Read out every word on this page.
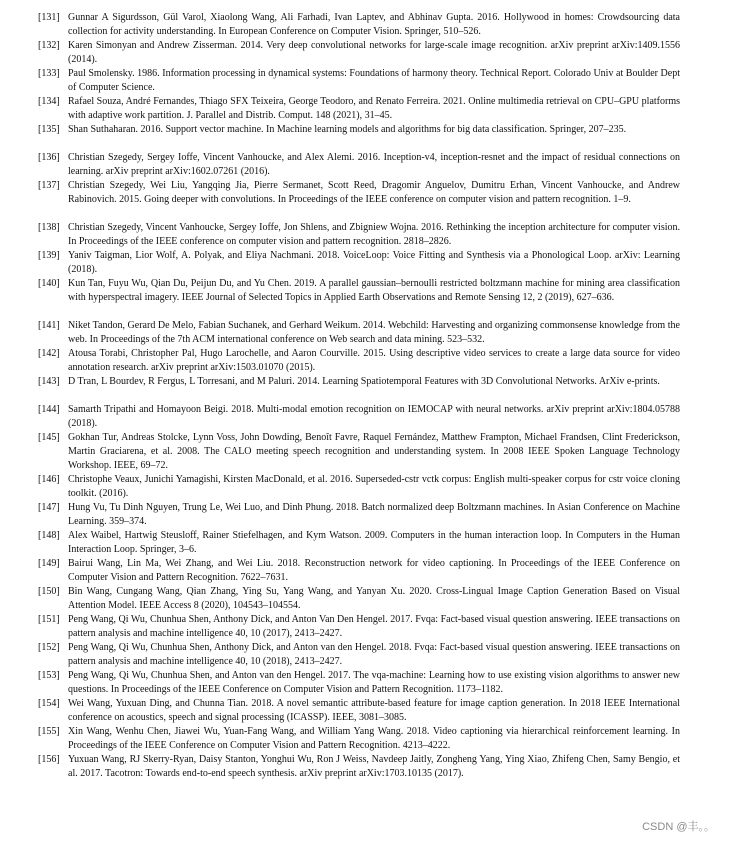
[131] Gunnar A Sigurdsson, Gül Varol, Xiaolong Wang, Ali Farhadi, Ivan Laptev, and Abhinav Gupta. 2016. Hollywood in homes: Crowdsourcing data collection for activity understanding. In European Conference on Computer Vision. Springer, 510–526.
[132] Karen Simonyan and Andrew Zisserman. 2014. Very deep convolutional networks for large-scale image recognition. arXiv preprint arXiv:1409.1556 (2014).
[133] Paul Smolensky. 1986. Information processing in dynamical systems: Foundations of harmony theory. Technical Report. Colorado Univ at Boulder Dept of Computer Science.
[134] Rafael Souza, André Fernandes, Thiago SFX Teixeira, George Teodoro, and Renato Ferreira. 2021. Online multimedia retrieval on CPU–GPU platforms with adaptive work partition. J. Parallel and Distrib. Comput. 148 (2021), 31–45.
[135] Shan Suthaharan. 2016. Support vector machine. In Machine learning models and algorithms for big data classification. Springer, 207–235.
[136] Christian Szegedy, Sergey Ioffe, Vincent Vanhoucke, and Alex Alemi. 2016. Inception-v4, inception-resnet and the impact of residual connections on learning. arXiv preprint arXiv:1602.07261 (2016).
[137] Christian Szegedy, Wei Liu, Yangqing Jia, Pierre Sermanet, Scott Reed, Dragomir Anguelov, Dumitru Erhan, Vincent Vanhoucke, and Andrew Rabinovich. 2015. Going deeper with convolutions. In Proceedings of the IEEE conference on computer vision and pattern recognition. 1–9.
[138] Christian Szegedy, Vincent Vanhoucke, Sergey Ioffe, Jon Shlens, and Zbigniew Wojna. 2016. Rethinking the inception architecture for computer vision. In Proceedings of the IEEE conference on computer vision and pattern recognition. 2818–2826.
[139] Yaniv Taigman, Lior Wolf, A. Polyak, and Eliya Nachmani. 2018. VoiceLoop: Voice Fitting and Synthesis via a Phonological Loop. arXiv: Learning (2018).
[140] Kun Tan, Fuyu Wu, Qian Du, Peijun Du, and Yu Chen. 2019. A parallel gaussian–bernoulli restricted boltzmann machine for mining area classification with hyperspectral imagery. IEEE Journal of Selected Topics in Applied Earth Observations and Remote Sensing 12, 2 (2019), 627–636.
[141] Niket Tandon, Gerard De Melo, Fabian Suchanek, and Gerhard Weikum. 2014. Webchild: Harvesting and organizing commonsense knowledge from the web. In Proceedings of the 7th ACM international conference on Web search and data mining. 523–532.
[142] Atousa Torabi, Christopher Pal, Hugo Larochelle, and Aaron Courville. 2015. Using descriptive video services to create a large data source for video annotation research. arXiv preprint arXiv:1503.01070 (2015).
[143] D Tran, L Bourdev, R Fergus, L Torresani, and M Paluri. 2014. Learning Spatiotemporal Features with 3D Convolutional Networks. ArXiv e-prints.
[144] Samarth Tripathi and Homayoon Beigi. 2018. Multi-modal emotion recognition on IEMOCAP with neural networks. arXiv preprint arXiv:1804.05788 (2018).
[145] Gokhan Tur, Andreas Stolcke, Lynn Voss, John Dowding, Benoît Favre, Raquel Fernández, Matthew Frampton, Michael Frandsen, Clint Frederickson, Martin Graciarena, et al. 2008. The CALO meeting speech recognition and understanding system. In 2008 IEEE Spoken Language Technology Workshop. IEEE, 69–72.
[146] Christophe Veaux, Junichi Yamagishi, Kirsten MacDonald, et al. 2016. Superseded-cstr vctk corpus: English multi-speaker corpus for cstr voice cloning toolkit. (2016).
[147] Hung Vu, Tu Dinh Nguyen, Trung Le, Wei Luo, and Dinh Phung. 2018. Batch normalized deep Boltzmann machines. In Asian Conference on Machine Learning. 359–374.
[148] Alex Waibel, Hartwig Steusloff, Rainer Stiefelhagen, and Kym Watson. 2009. Computers in the human interaction loop. In Computers in the Human Interaction Loop. Springer, 3–6.
[149] Bairui Wang, Lin Ma, Wei Zhang, and Wei Liu. 2018. Reconstruction network for video captioning. In Proceedings of the IEEE Conference on Computer Vision and Pattern Recognition. 7622–7631.
[150] Bin Wang, Cungang Wang, Qian Zhang, Ying Su, Yang Wang, and Yanyan Xu. 2020. Cross-Lingual Image Caption Generation Based on Visual Attention Model. IEEE Access 8 (2020), 104543–104554.
[151] Peng Wang, Qi Wu, Chunhua Shen, Anthony Dick, and Anton Van Den Hengel. 2017. Fvqa: Fact-based visual question answering. IEEE transactions on pattern analysis and machine intelligence 40, 10 (2017), 2413–2427.
[152] Peng Wang, Qi Wu, Chunhua Shen, Anthony Dick, and Anton van den Hengel. 2018. Fvqa: Fact-based visual question answering. IEEE transactions on pattern analysis and machine intelligence 40, 10 (2018), 2413–2427.
[153] Peng Wang, Qi Wu, Chunhua Shen, and Anton van den Hengel. 2017. The vqa-machine: Learning how to use existing vision algorithms to answer new questions. In Proceedings of the IEEE Conference on Computer Vision and Pattern Recognition. 1173–1182.
[154] Wei Wang, Yuxuan Ding, and Chunna Tian. 2018. A novel semantic attribute-based feature for image caption generation. In 2018 IEEE International conference on acoustics, speech and signal processing (ICASSP). IEEE, 3081–3085.
[155] Xin Wang, Wenhu Chen, Jiawei Wu, Yuan-Fang Wang, and William Yang Wang. 2018. Video captioning via hierarchical reinforcement learning. In Proceedings of the IEEE Conference on Computer Vision and Pattern Recognition. 4213–4222.
[156] Yuxuan Wang, RJ Skerry-Ryan, Daisy Stanton, Yonghui Wu, Ron J Weiss, Navdeep Jaitly, Zongheng Yang, Ying Xiao, Zhifeng Chen, Samy Bengio, et al. 2017. Tacotron: Towards end-to-end speech synthesis. arXiv preprint arXiv:1703.10135 (2017).
CSDN @丰。。
